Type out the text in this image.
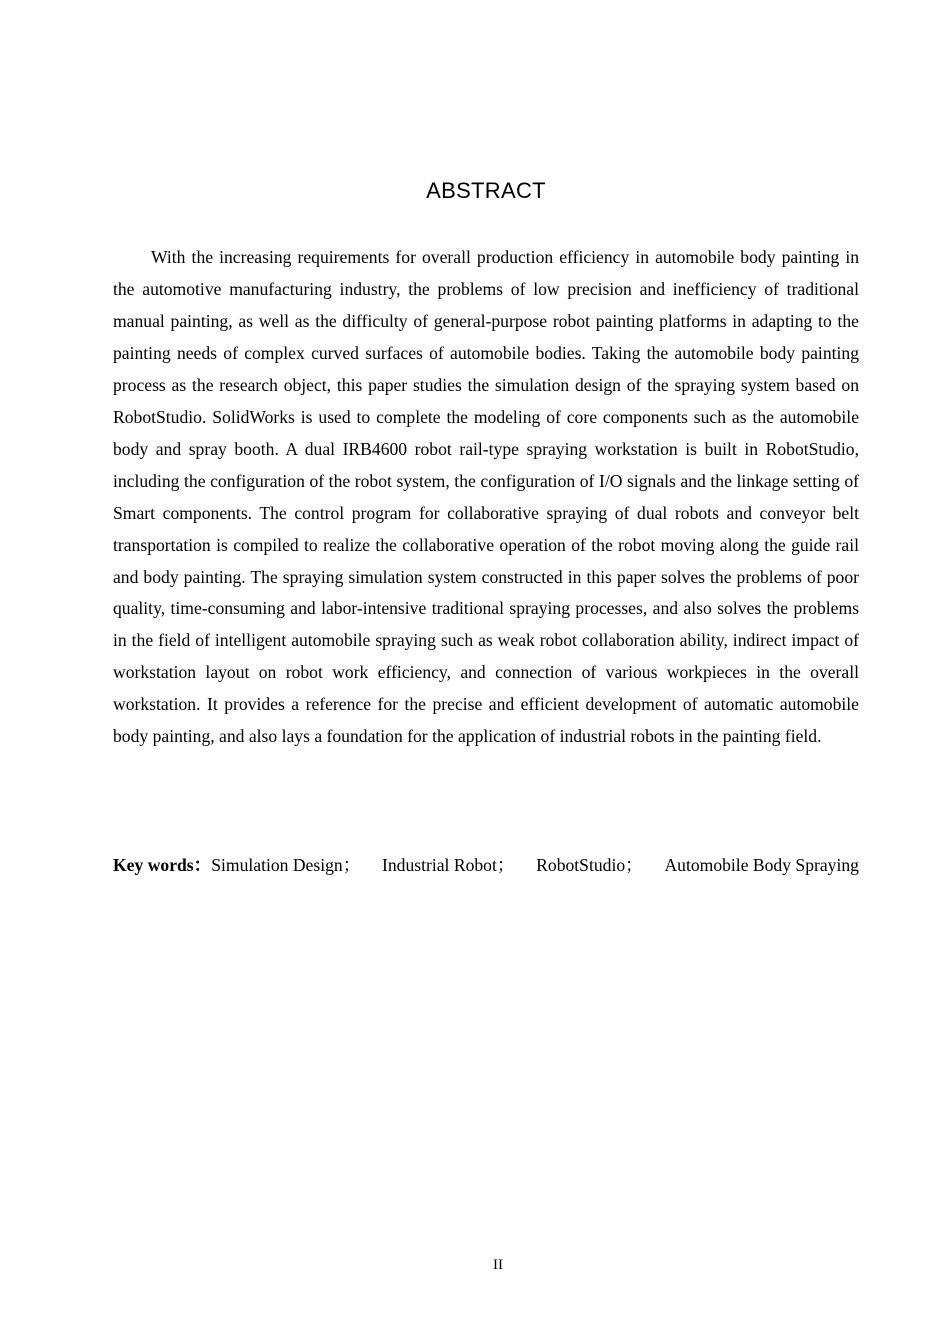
ABSTRACT

With the increasing requirements for overall production efficiency in automobile body painting in the automotive manufacturing industry, the problems of low precision and inefficiency of traditional manual painting, as well as the difficulty of general-purpose robot painting platforms in adapting to the painting needs of complex curved surfaces of automobile bodies. Taking the automobile body painting process as the research object, this paper studies the simulation design of the spraying system based on RobotStudio. SolidWorks is used to complete the modeling of core components such as the automobile body and spray booth. A dual IRB4600 robot rail-type spraying workstation is built in RobotStudio, including the configuration of the robot system, the configuration of I/O signals and the linkage setting of Smart components. The control program for collaborative spraying of dual robots and conveyor belt transportation is compiled to realize the collaborative operation of the robot moving along the guide rail and body painting. The spraying simulation system constructed in this paper solves the problems of poor quality, time-consuming and labor-intensive traditional spraying processes, and also solves the problems in the field of intelligent automobile spraying such as weak robot collaboration ability, indirect impact of workstation layout on robot work efficiency, and connection of various workpieces in the overall workstation. It provides a reference for the precise and efficient development of automatic automobile body painting, and also lays a foundation for the application of industrial robots in the painting field.

Key words： Simulation Design； Industrial Robot； RobotStudio； Automobile Body Spraying
II
